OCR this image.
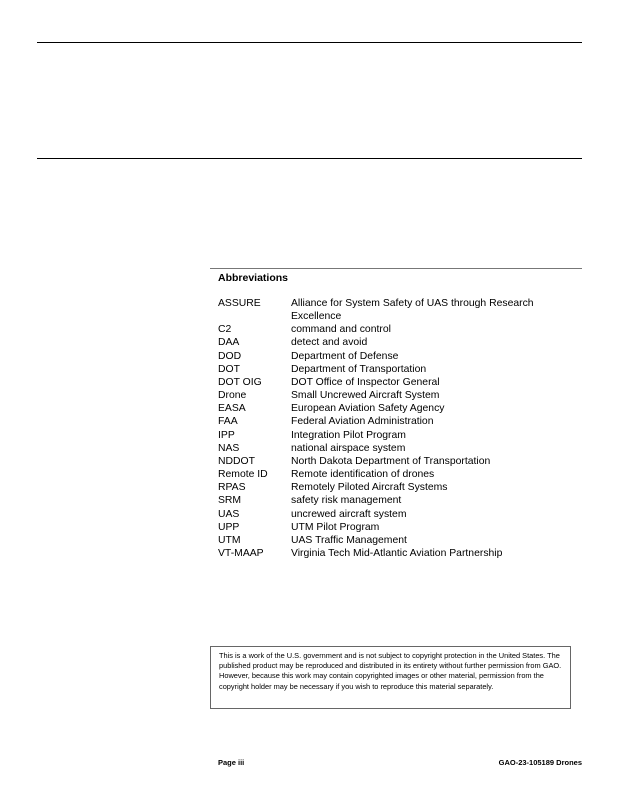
Abbreviations
ASSURE	Alliance for System Safety of UAS through Research Excellence
C2	command and control
DAA	detect and avoid
DOD	Department of Defense
DOT	Department of Transportation
DOT OIG	DOT Office of Inspector General
Drone	Small Uncrewed Aircraft System
EASA	European Aviation Safety Agency
FAA	Federal Aviation Administration
IPP	Integration Pilot Program
NAS	national airspace system
NDDOT	North Dakota Department of Transportation
Remote ID	Remote identification of drones
RPAS	Remotely Piloted Aircraft Systems
SRM	safety risk management
UAS	uncrewed aircraft system
UPP	UTM Pilot Program
UTM	UAS Traffic Management
VT-MAAP	Virginia Tech Mid-Atlantic Aviation Partnership
This is a work of the U.S. government and is not subject to copyright protection in the United States. The published product may be reproduced and distributed in its entirety without further permission from GAO. However, because this work may contain copyrighted images or other material, permission from the copyright holder may be necessary if you wish to reproduce this material separately.
Page iii	GAO-23-105189 Drones
